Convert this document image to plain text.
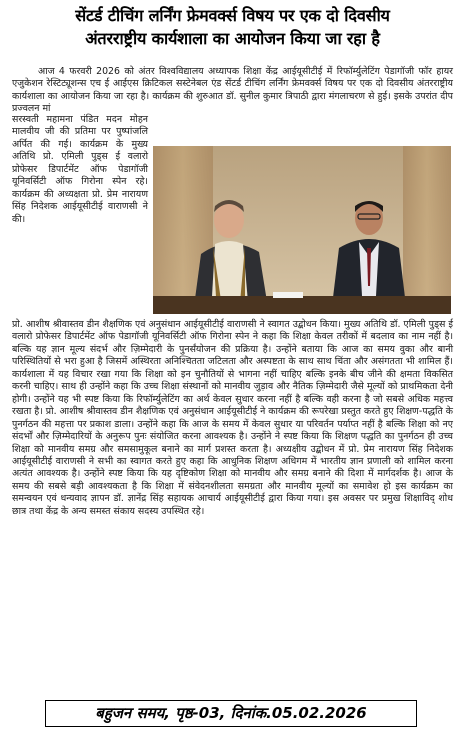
सेंटर्ड टीचिंग लर्निंग फ्रेमवर्क्स विषय पर एक दो दिवसीय
अंतरराष्ट्रीय कार्यशाला का आयोजन किया जा रहा है

आज 4 फरवरी 2026 को अंतर विश्वविद्यालय अध्यापक शिक्षा केंद्र आईयूसीटीई में रिफॉर्म्युलेटिंग पेडागॉजी फॉर हायर एजुकेशन रेस्टिट्यूशन्स एच ई आईएस क्रिटिकल सस्टेनेबल एंड सेंटर्ड टीचिंग लर्निंग फ्रेमवर्क्स विषय पर एक दो दिवसीय अंतरराष्ट्रीय कार्यशाला का आयोजन किया जा रहा है। कार्यक्रम की शुरुआत डॉ. सुनील कुमार त्रिपाठी द्वारा मंगलाचरण से हुई। इसके उपरांत दीप प्रज्वलन मां

सरस्वती महामना पंडित मदन मोहन मालवीय जी की प्रतिमा पर पुष्पांजलि अर्पित की गई। कार्यक्रम के मुख्य अतिथि प्रो. एमिली पुड्स ई वलारो प्रोफेसर डिपार्टमेंट ऑफ पेडागॉजी यूनिवर्सिटी ऑफ गिरोना स्पेन रहे। कार्यक्रम की अध्यक्षता प्रो. प्रेम नारायण सिंह निदेशक आईयूसीटीई वाराणसी ने की।

प्रो. आशीष श्रीवास्तव डीन शैक्षणिक एवं अनुसंधान आईयूसीटीई वाराणसी ने स्वागत उद्बोधन किया। मुख्य अतिथि डॉ. एमिली पुड्स ई वलारो प्रोफेसर डिपार्टमेंट ऑफ पेडागॉजी यूनिवर्सिटी ऑफ गिरोना स्पेन ने कहा कि शिक्षा केवल तरीकों में बदलाव का नाम नहीं है। बल्कि यह ज्ञान मूल्य संदर्भ और ज़िम्मेदारी के पुनर्संयोजन की प्रक्रिया है। उन्होंने बताया कि आज का समय वुका और बानी परिस्थितियों से भरा हुआ है जिसमें अस्थिरता अनिश्चितता जटिलता और अस्पष्टता के साथ साथ चिंता और असंगतता भी शामिल हैं। कार्यशाला में यह विचार रखा गया कि शिक्षा को इन चुनौतियों से भागना नहीं चाहिए बल्कि इनके बीच जीने की क्षमता विकसित करनी चाहिए। साथ ही उन्होंने कहा कि उच्च शिक्षा संस्थानों को मानवीय जुड़ाव और नैतिक ज़िम्मेदारी जैसे मूल्यों को प्राथमिकता देनी होगी। उन्होंने यह भी स्पष्ट किया कि रिफॉर्म्युलेटिंग का अर्थ केवल सुधार करना नहीं है बल्कि वही करना है जो सबसे अधिक महत्त्व रखता है। प्रो. आशीष श्रीवास्तव डीन शैक्षणिक एवं अनुसंधान आईयूसीटीई ने कार्यक्रम की रूपरेखा प्रस्तुत करते हुए शिक्षण-पद्धति के पुनर्गठन की महत्ता पर प्रकाश डाला। उन्होंने कहा कि आज के समय में केवल सुधार या परिवर्तन पर्याप्त नहीं है बल्कि शिक्षा को नए संदर्भों और ज़िम्मेदारियों के अनुरूप पुनः संयोजित करना आवश्यक है। उन्होंने ने स्पष्ट किया कि शिक्षण पद्धति का पुनर्गठन ही उच्च शिक्षा को मानवीय समग्र और समसामुकूल बनाने का मार्ग प्रशस्त करता है। अध्यक्षीय उद्बोधन में प्रो. प्रेम नारायण सिंह निदेशक आईयूसीटीई वाराणसी ने सभी का स्वागत करते हुए कहा कि आधुनिक शिक्षण अधिगम में भारतीय ज्ञान प्रणाली को शामिल करना अत्यंत आवश्यक है। उन्होंने स्पष्ट किया कि यह दृष्टिकोण शिक्षा को मानवीय और समग्र बनाने की दिशा में मार्गदर्शक है। आज के समय की सबसे बड़ी आवश्यकता है कि शिक्षा में संवेदनशीलता समग्रता और मानवीय मूल्यों का समावेश हो इस कार्यक्रम का समन्वयन एवं धन्यवाद ज्ञापन डॉ. ज्ञानेंद्र सिंह सहायक आचार्य आईयूसीटीई द्वारा किया गया। इस अवसर पर प्रमुख शिक्षाविद् शोध छात्र तथा केंद्र के अन्य समस्त संकाय सदस्य उपस्थित रहे।

बहुजन समय, पृष्ठ-03, दिनांक.05.02.2026
